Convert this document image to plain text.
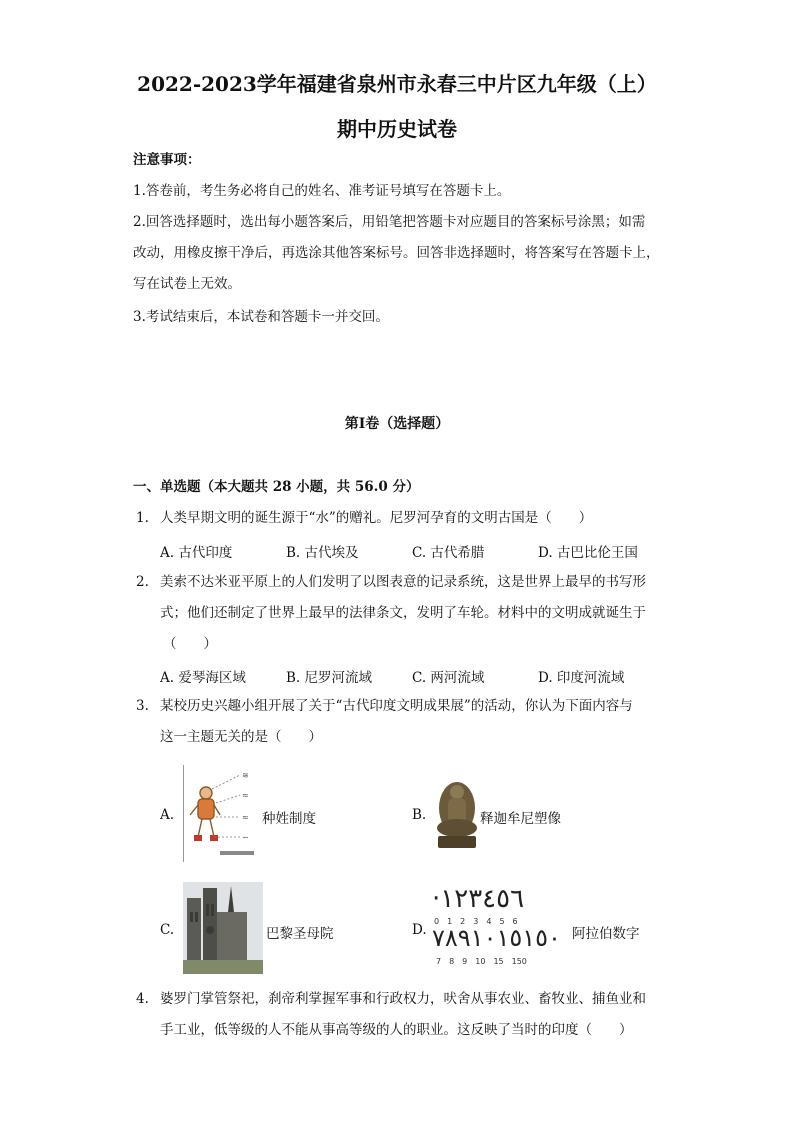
2022-2023学年福建省泉州市永春三中片区九年级（上）
期中历史试卷
注意事项：
1.答卷前，考生务必将自己的姓名、准考证号填写在答题卡上。
2.回答选择题时，选出每小题答案后，用铅笔把答题卡对应题目的答案标号涂黑；如需
改动，用橡皮擦干净后，再选涂其他答案标号。回答非选择题时，将答案写在答题卡上，
写在试卷上无效。
3.考试结束后，本试卷和答题卡一并交回。
第Ⅰ卷（选择题）
一、单选题（本大题共 28 小题，共 56.0 分）
1. 人类早期文明的诞生源于“水”的赠礼。尼罗河孕育的文明古国是（　　）
A. 古代印度	B. 古代埃及	C. 古代希腊	D. 古巴比伦王国
2. 美索不达米亚平原上的人们发明了以图表意的记录系统，这是世界上最早的书写形
式；他们还制定了世界上最早的法律条文，发明了车轮。材料中的文明成就诞生于
（　　）
A. 爱琴海区域	B. 尼罗河流域	C. 两河流域	D. 印度河流域
3. 某校历史兴趣小组开展了关于“古代印度文明成果展”的活动，你认为下面内容与
这一主题无关的是（　　）
A.
≋
≈
≈
∽
种姓制度	B.	释迦牟尼塑像
C.	巴黎圣母院	D.
·١٢٣٤٥٦
0　1　2　3　4　5　6
٧٨٩١٠١٥١٥٠
7　8　9　10　15　150
阿拉伯数字
4. 婆罗门掌管祭祀，刹帝利掌握军事和行政权力，吠舍从事农业、畜牧业、捕鱼业和
手工业，低等级的人不能从事高等级的人的职业。这反映了当时的印度（　　）
